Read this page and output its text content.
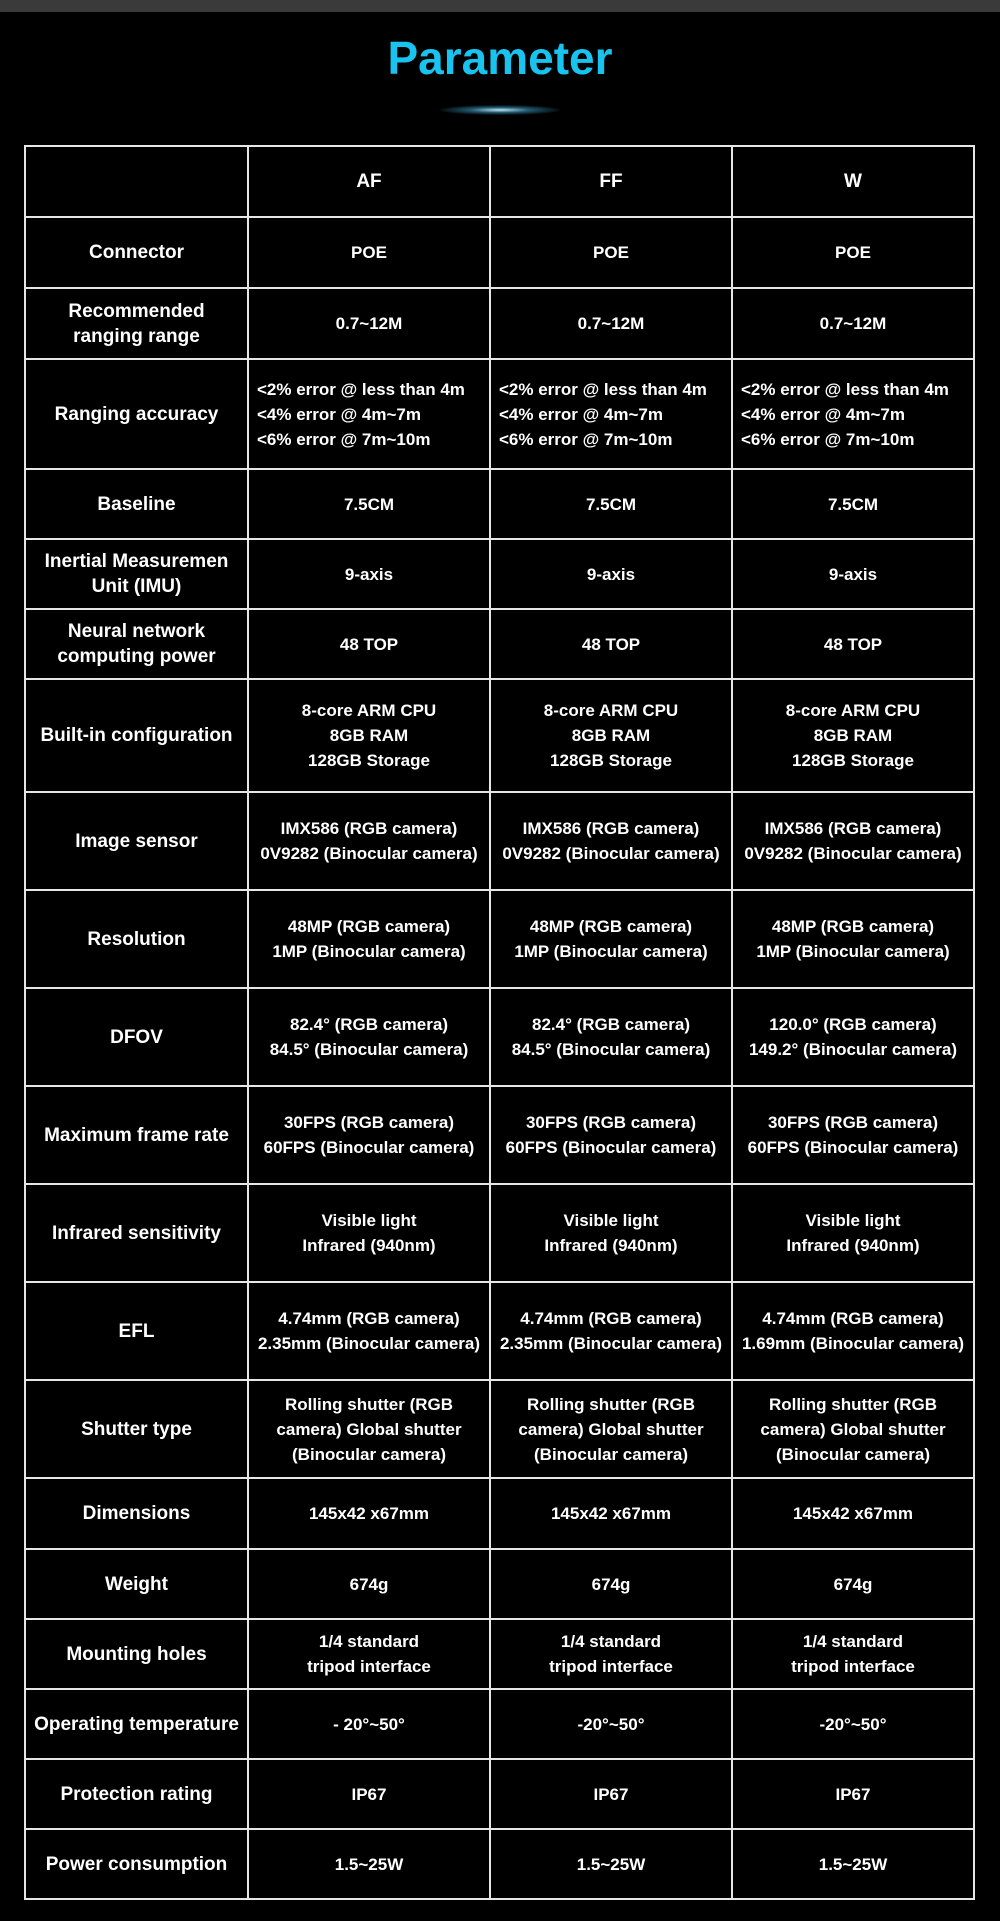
Parameter
	AF	FF	W
Connector	POE	POE	POE
Recommended
ranging range	0.7~12M	0.7~12M	0.7~12M
Ranging accuracy	<2% error @ less than 4m
<4% error @ 4m~7m
<6% error @ 7m~10m	<2% error @ less than 4m
<4% error @ 4m~7m
<6% error @ 7m~10m	<2% error @ less than 4m
<4% error @ 4m~7m
<6% error @ 7m~10m
Baseline	7.5CM	7.5CM	7.5CM
Inertial Measuremen
Unit (IMU)	9-axis	9-axis	9-axis
Neural network
computing power	48 TOP	48 TOP	48 TOP
Built-in configuration	8-core ARM CPU
8GB RAM
128GB Storage	8-core ARM CPU
8GB RAM
128GB Storage	8-core ARM CPU
8GB RAM
128GB Storage
Image sensor	IMX586 (RGB camera)
0V9282 (Binocular camera)	IMX586 (RGB camera)
0V9282 (Binocular camera)	IMX586 (RGB camera)
0V9282 (Binocular camera)
Resolution	48MP (RGB camera)
1MP (Binocular camera)	48MP (RGB camera)
1MP (Binocular camera)	48MP (RGB camera)
1MP (Binocular camera)
DFOV	82.4° (RGB camera)
84.5° (Binocular camera)	82.4° (RGB camera)
84.5° (Binocular camera)	120.0° (RGB camera)
149.2° (Binocular camera)
Maximum frame rate	30FPS (RGB camera)
60FPS (Binocular camera)	30FPS (RGB camera)
60FPS (Binocular camera)	30FPS (RGB camera)
60FPS (Binocular camera)
Infrared sensitivity	Visible light
Infrared (940nm)	Visible light
Infrared (940nm)	Visible light
Infrared (940nm)
EFL	4.74mm (RGB camera)
2.35mm (Binocular camera)	4.74mm (RGB camera)
2.35mm (Binocular camera)	4.74mm (RGB camera)
1.69mm (Binocular camera)
Shutter type	Rolling shutter (RGB
camera) Global shutter
(Binocular camera)	Rolling shutter (RGB
camera) Global shutter
(Binocular camera)	Rolling shutter (RGB
camera) Global shutter
(Binocular camera)
Dimensions	145x42 x67mm	145x42 x67mm	145x42 x67mm
Weight	674g	674g	674g
Mounting holes	1/4 standard
tripod interface	1/4 standard
tripod interface	1/4 standard
tripod interface
Operating temperature	- 20°~50°	-20°~50°	-20°~50°
Protection rating	IP67	IP67	IP67
Power consumption	1.5~25W	1.5~25W	1.5~25W
